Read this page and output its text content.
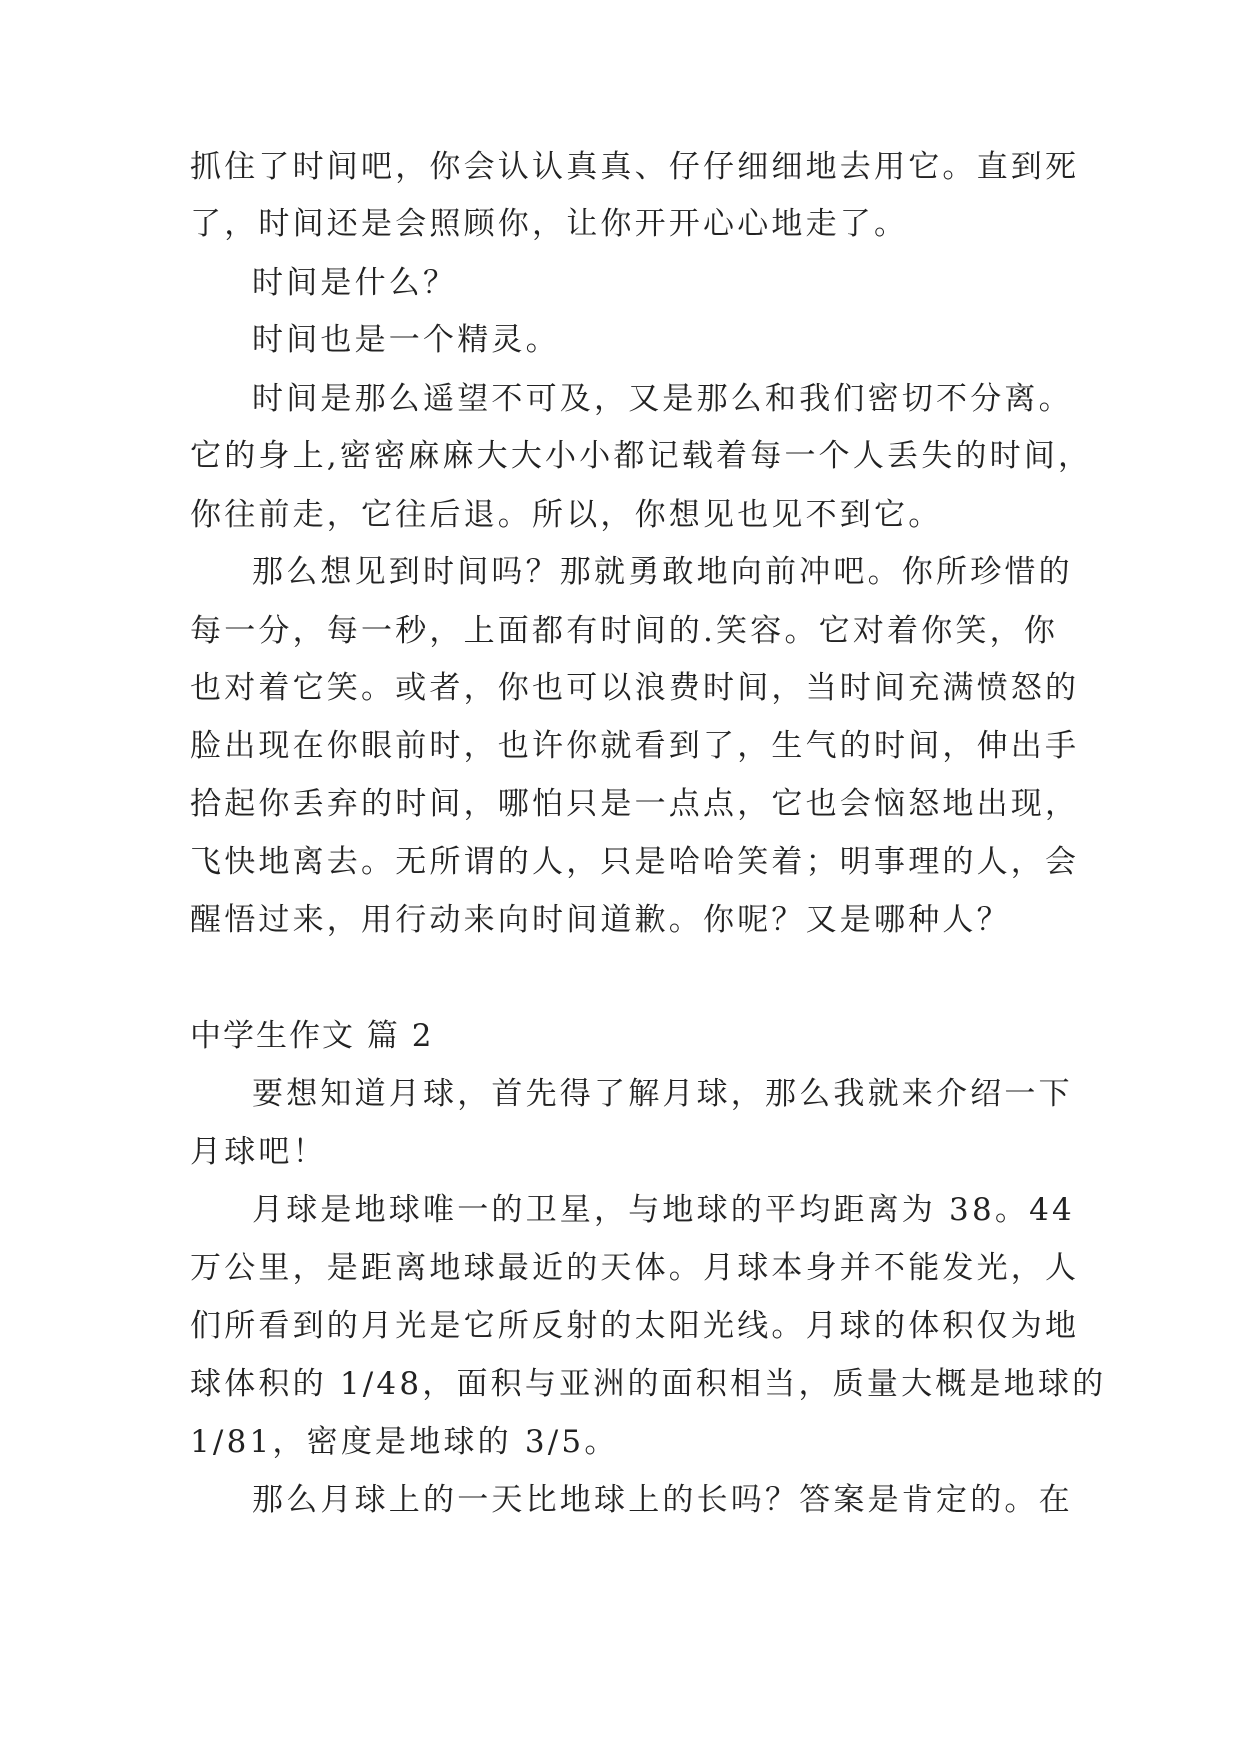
抓住了时间吧，你会认认真真、仔仔细细地去用它。直到死
了，时间还是会照顾你，让你开开心心地走了。
时间是什么？
时间也是一个精灵。
时间是那么遥望不可及，又是那么和我们密切不分离。
它的身上,密密麻麻大大小小都记载着每一个人丢失的时间，
你往前走，它往后退。所以，你想见也见不到它。
那么想见到时间吗？那就勇敢地向前冲吧。你所珍惜的
每一分，每一秒，上面都有时间的.笑容。它对着你笑，你
也对着它笑。或者，你也可以浪费时间，当时间充满愤怒的
脸出现在你眼前时，也许你就看到了，生气的时间，伸出手
拾起你丢弃的时间，哪怕只是一点点，它也会恼怒地出现，
飞快地离去。无所谓的人，只是哈哈笑着；明事理的人，会
醒悟过来，用行动来向时间道歉。你呢？又是哪种人？
中学生作文 篇 2
要想知道月球，首先得了解月球，那么我就来介绍一下
月球吧！
月球是地球唯一的卫星，与地球的平均距离为 38。44
万公里，是距离地球最近的天体。月球本身并不能发光，人
们所看到的月光是它所反射的太阳光线。月球的体积仅为地
球体积的 1/48，面积与亚洲的面积相当，质量大概是地球的
1/81，密度是地球的 3/5。
那么月球上的一天比地球上的长吗？答案是肯定的。在
